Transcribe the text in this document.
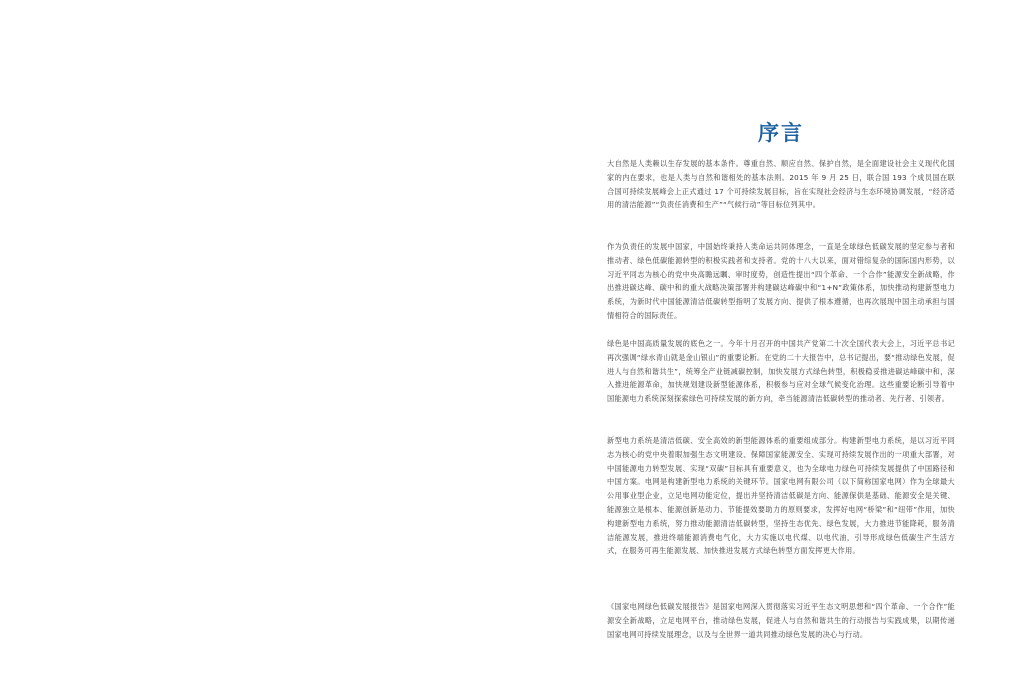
序言

大自然是人类赖以生存发展的基本条件。尊重自然、顺应自然、保护自然，是全面建设社会主义现代化国家的内在要求，也是人类与自然和谐相处的基本法则。2015 年 9 月 25 日，联合国 193 个成员国在联合国可持续发展峰会上正式通过 17 个可持续发展目标，旨在实现社会经济与生态环境协调发展，“经济适用的清洁能源”“负责任消费和生产”“气候行动”等目标位列其中。

作为负责任的发展中国家，中国始终秉持人类命运共同体理念，一直是全球绿色低碳发展的坚定参与者和推动者、绿色低碳能源转型的积极实践者和支持者。党的十八大以来，面对错综复杂的国际国内形势，以习近平同志为核心的党中央高瞻远瞩、审时度势，创造性提出“四个革命、一个合作”能源安全新战略，作出推进碳达峰、碳中和的重大战略决策部署并构建碳达峰碳中和“1+N”政策体系，加快推动构建新型电力系统，为新时代中国能源清洁低碳转型指明了发展方向、提供了根本遵循，也再次展现中国主动承担与国情相符合的国际责任。

绿色是中国高质量发展的底色之一。今年十月召开的中国共产党第二十次全国代表大会上，习近平总书记再次强调“绿水青山就是金山银山”的重要论断。在党的二十大报告中，总书记提出，要“推动绿色发展，促进人与自然和谐共生”，统筹全产业链减碳控制，加快发展方式绿色转型，积极稳妥推进碳达峰碳中和，深入推进能源革命，加快规划建设新型能源体系，积极参与应对全球气候变化治理。这些重要论断引导着中国能源电力系统深刻探索绿色可持续发展的新方向，牵当能源清洁低碳转型的推动者、先行者、引领者。

新型电力系统是清洁低碳、安全高效的新型能源体系的重要组成部分。构建新型电力系统，是以习近平同志为核心的党中央着眼加强生态文明建设、保障国家能源安全、实现可持续发展作出的一项重大部署，对中国能源电力转型发展、实现“双碳”目标具有重要意义，也为全球电力绿色可持续发展提供了中国路径和中国方案。电网是构建新型电力系统的关键环节。国家电网有限公司（以下简称国家电网）作为全球最大公用事业型企业，立足电网功能定位，提出并坚持清洁低碳是方向、能源保供是基础、能源安全是关键、能源独立是根本、能源创新是动力、节能提效要助力的原则要求，发挥好电网“桥梁”和“纽带”作用，加快构建新型电力系统，努力推动能源清洁低碳转型，坚持生态优先、绿色发展，大力推进节能降耗，服务清洁能源发展，推进终端能源消费电气化，大力实施以电代煤、以电代油，引导形成绿色低碳生产生活方式，在服务可再生能源发展、加快推进发展方式绿色转型方面发挥更大作用。

《国家电网绿色低碳发展报告》是国家电网深入贯彻落实习近平生态文明思想和“四个革命、一个合作”能源安全新战略，立足电网平台，推动绿色发展，促进人与自然和谐共生的行动报告与实践成果，以期传递国家电网可持续发展理念，以及与全世界一道共同推动绿色发展的决心与行动。
